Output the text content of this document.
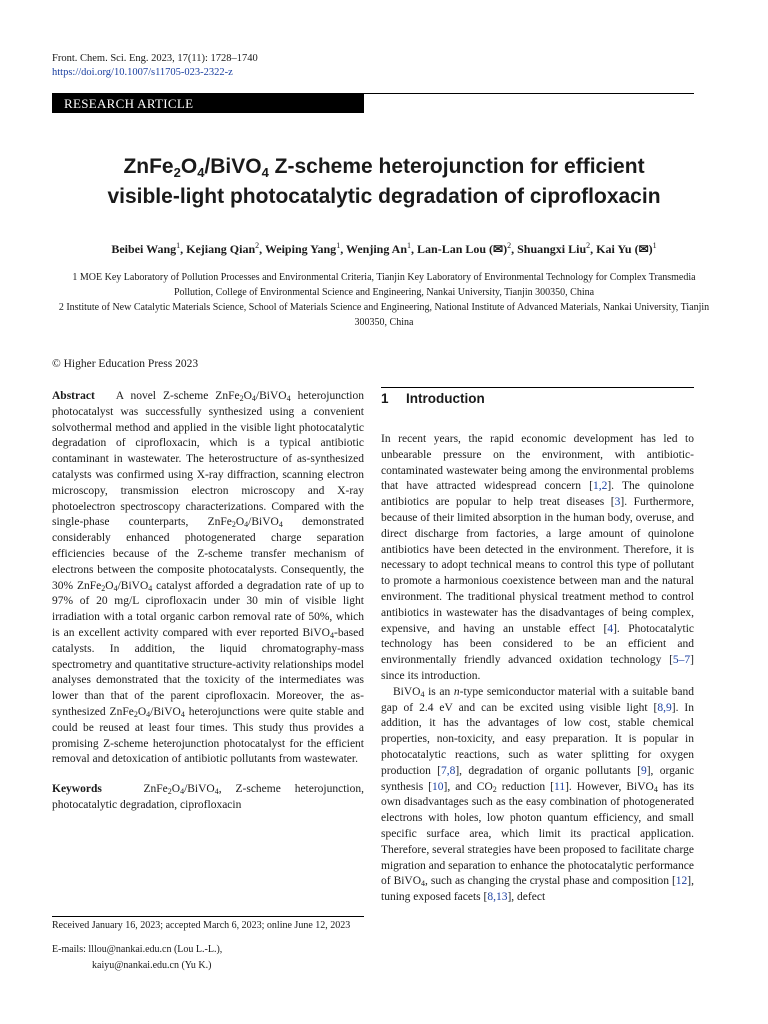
Front. Chem. Sci. Eng. 2023, 17(11): 1728–1740
https://doi.org/10.1007/s11705-023-2322-z
RESEARCH ARTICLE
$ZnFe_2O_4/BiVO_4$ Z-scheme heterojunction for efficient
visible-light photocatalytic degradation of ciprofloxacin
Beibei Wang$^1$, Kejiang Qian$^2$, Weiping Yang$^1$, Wenjing An$^1$, Lan-Lan Lou (✉)$^2$, Shuangxi Liu$^2$, Kai Yu (✉)$^1$
1 MOE Key Laboratory of Pollution Processes and Environmental Criteria, Tianjin Key Laboratory of Environmental Technology for Complex Transmedia Pollution, College of Environmental Science and Engineering, Nankai University, Tianjin 300350, China
2 Institute of New Catalytic Materials Science, School of Materials Science and Engineering, National Institute of Advanced Materials, Nankai University, Tianjin 300350, China
© Higher Education Press 2023
Abstract A novel Z-scheme $ZnFe_2O_4/BiVO_4$ heterojunction photocatalyst was successfully synthesized using a convenient solvothermal method and applied in the visible light photocatalytic degradation of ciprofloxacin, which is a typical antibiotic contaminant in wastewater. The heterostructure of as-synthesized catalysts was confirmed using X-ray diffraction, scanning electron microscopy, transmission electron microscopy and X-ray photoelectron spectroscopy characterizations. Compared with the single-phase counterparts, $ZnFe_2O_4/BiVO_4$ demonstrated considerably enhanced photogenerated charge separation efficiencies because of the Z-scheme transfer mechanism of electrons between the composite photocatalysts. Consequently, the 30% $ZnFe_2O_4/BiVO_4$ catalyst afforded a degradation rate of up to 97% of 20 mg/L ciprofloxacin under 30 min of visible light irradiation with a total organic carbon removal rate of 50%, which is an excellent activity compared with ever reported BiVO$_4$-based catalysts. In addition, the liquid chromatography-mass spectrometry and quantitative structure-activity relationships model analyses demonstrated that the toxicity of the intermediates was lower than that of the parent ciprofloxacin. Moreover, the as-synthesized $ZnFe_2O_4/BiVO_4$ heterojunctions were quite stable and could be reused at least four times. This study thus provides a promising Z-scheme heterojunction photocatalyst for the efficient removal and detoxication of antibiotic pollutants from wastewater.
Keywords	$ZnFe_2O_4/BiVO_4$, Z-scheme heterojunction, photocatalytic degradation, ciprofloxacin
Received January 16, 2023; accepted March 6, 2023; online June 12, 2023
E-mails: lllou@nankai.edu.cn (Lou L.-L.),
kaiyu@nankai.edu.cn (Yu K.)
1 Introduction
In recent years, the rapid economic development has led to unbearable pressure on the environment, with antibiotic-contaminated wastewater being among the environmental problems that have attracted widespread concern [1,2]. The quinolone antibiotics are popular to help treat diseases [3]. Furthermore, because of their limited absorption in the human body, overuse, and direct discharge from factories, a large amount of quinolone antibiotics have been detected in the environment. Therefore, it is necessary to adopt technical means to control this type of pollutant to promote a harmonious coexistence between man and the natural environment. The traditional physical treatment method to control antibiotics in wastewater has the disadvantages of being complex, expensive, and having an unstable effect [4]. Photocatalytic technology has been considered to be an efficient and environmentally friendly advanced oxidation technology [5–7] since its introduction.
BiVO$_4$ is an n-type semiconductor material with a suitable band gap of 2.4 eV and can be excited using visible light [8,9]. In addition, it has the advantages of low cost, stable chemical properties, non-toxicity, and easy preparation. It is popular in photocatalytic reactions, such as water splitting for oxygen production [7,8], degradation of organic pollutants [9], organic synthesis [10], and $CO_2$ reduction [11]. However, BiVO$_4$ has its own disadvantages such as the easy combination of photogenerated electrons with holes, low photon quantum efficiency, and small specific surface area, which limit its practical application. Therefore, several strategies have been proposed to facilitate charge migration and separation to enhance the photocatalytic performance of BiVO$_4$, such as changing the crystal phase and composition [12], tuning exposed facets [8,13], defect
